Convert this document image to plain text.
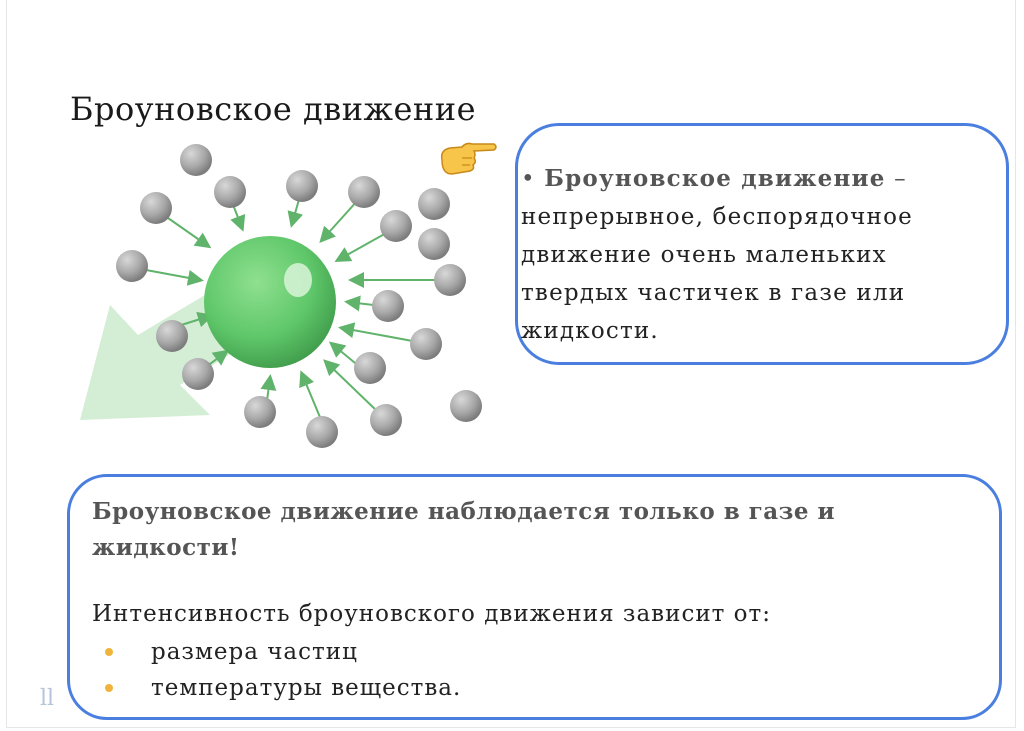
Броуновское движение
• Броуновское движение – непрерывное, беспорядочное движение очень маленьких твердых частичек в газе или жидкости.
Броуновское движение наблюдается только в газе и жидкости!
Интенсивность броуновского движения зависит от:
размера частиц
температуры вещества.
ll
